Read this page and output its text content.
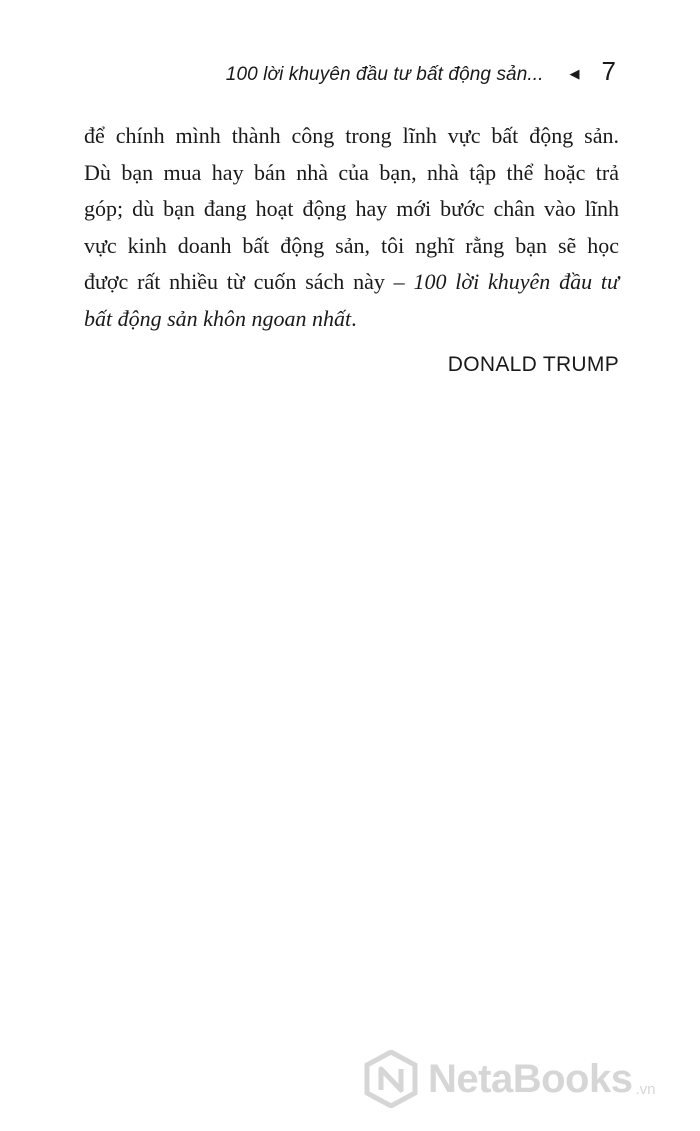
100 lời khuyên đầu tư bất động sản... ◀ 7
để chính mình thành công trong lĩnh vực bất động sản.
Dù bạn mua hay bán nhà của bạn, nhà tập thể hoặc trả
góp; dù bạn đang hoạt động hay mới bước chân vào lĩnh
vực kinh doanh bất động sản, tôi nghĩ rằng bạn sẽ học
được rất nhiều từ cuốn sách này – 100 lời khuyên đầu tư
bất động sản khôn ngoan nhất.
DONALD TRUMP
NetaBooks .vn
